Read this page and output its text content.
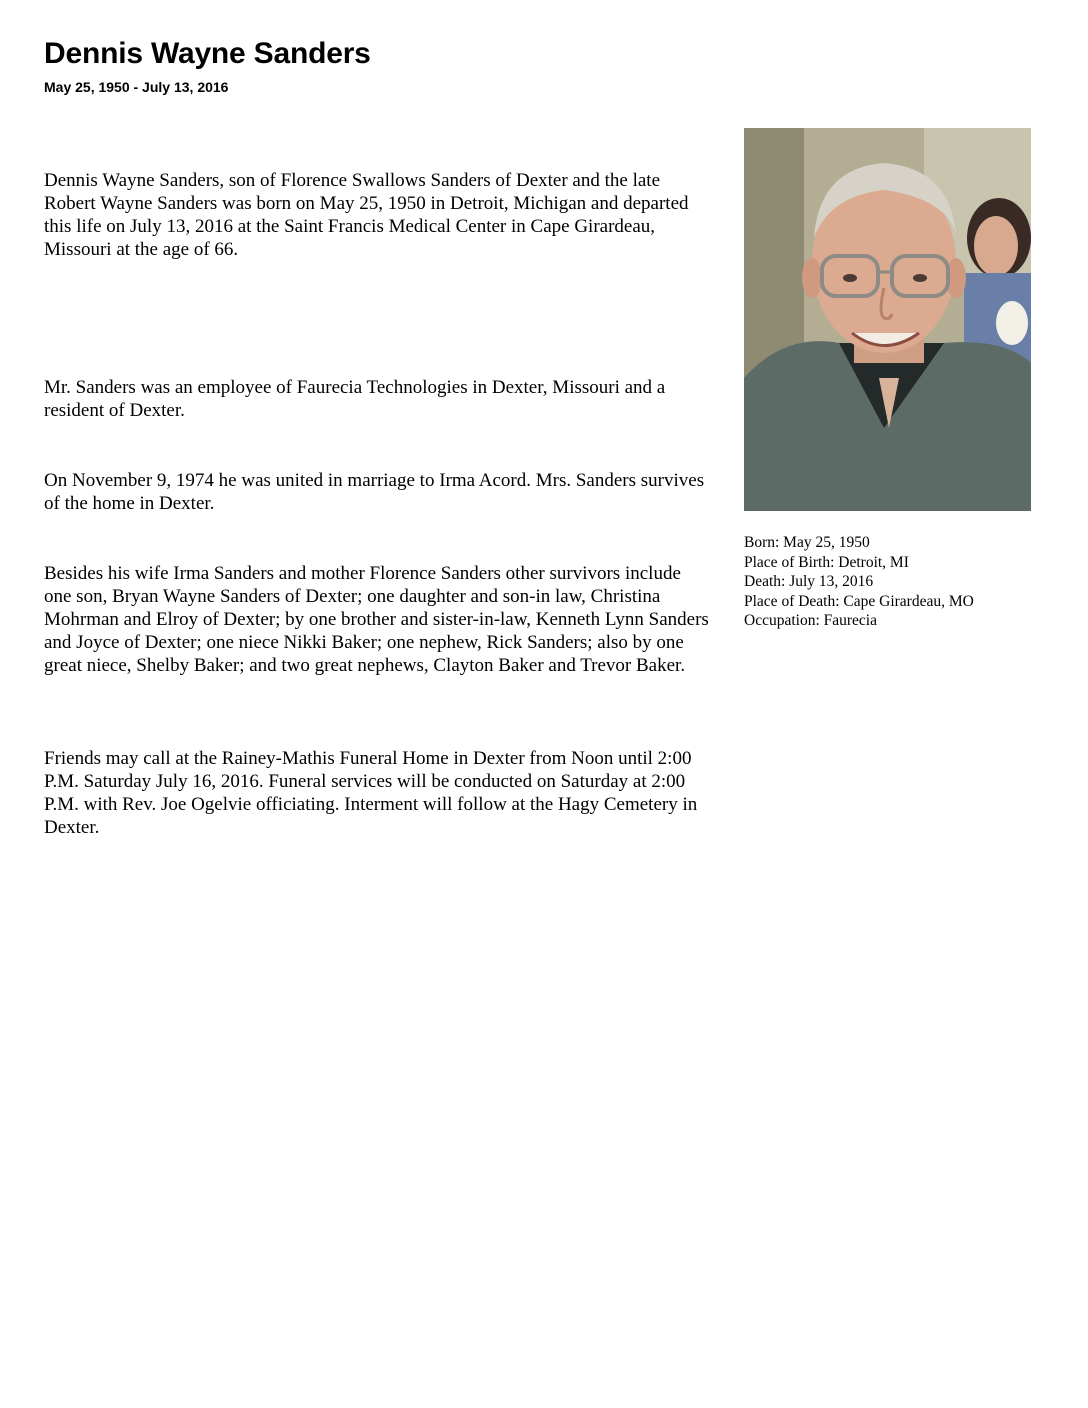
Dennis Wayne Sanders
May 25, 1950 - July 13, 2016

Dennis Wayne Sanders, son of Florence Swallows Sanders of Dexter and the late Robert Wayne Sanders was born on May 25, 1950 in Detroit, Michigan and departed this life on July 13, 2016 at the Saint Francis Medical Center in Cape Girardeau, Missouri at the age of 66.

Mr. Sanders was an employee of Faurecia Technologies in Dexter, Missouri and a resident of Dexter.

On November 9, 1974 he was united in marriage to Irma Acord. Mrs. Sanders survives of the home in Dexter.

Besides his wife Irma Sanders and mother Florence Sanders other survivors include one son, Bryan Wayne Sanders of Dexter; one daughter and son-in law, Christina Mohrman and Elroy of Dexter; by one brother and sister-in-law, Kenneth Lynn Sanders and Joyce of Dexter; one niece Nikki Baker; one nephew, Rick Sanders; also by one great niece, Shelby Baker; and two great nephews, Clayton Baker and Trevor Baker.

Friends may call at the Rainey-Mathis Funeral Home in Dexter from Noon until 2:00 P.M. Saturday July 16, 2016. Funeral services will be conducted on Saturday at 2:00 P.M. with Rev. Joe Ogelvie officiating. Interment will follow at the Hagy Cemetery in Dexter.

Born: May 25, 1950
Place of Birth: Detroit, MI
Death: July 13, 2016
Place of Death: Cape Girardeau, MO
Occupation: Faurecia
